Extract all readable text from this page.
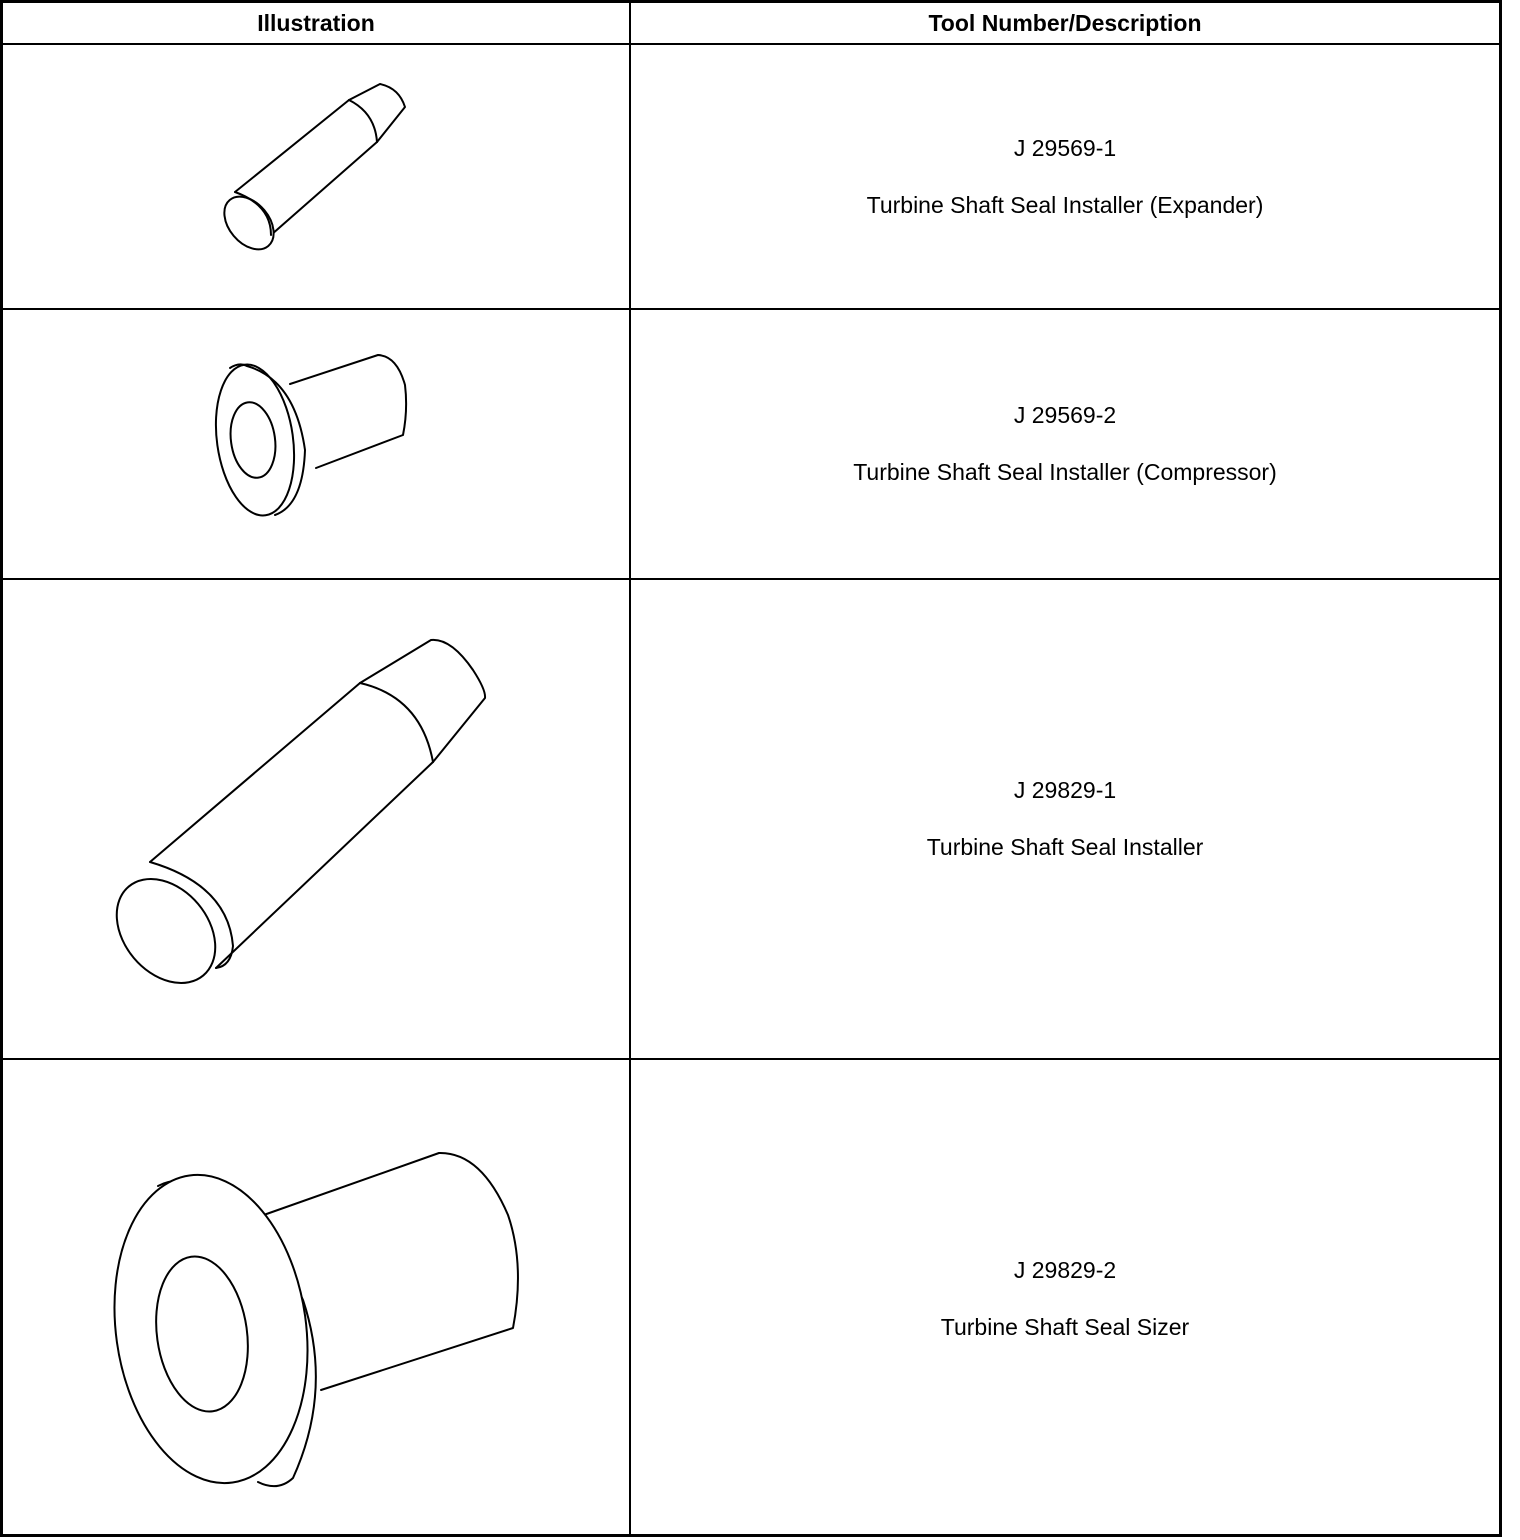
Illustration	Tool Number/Description
J 29569-1
Turbine Shaft Seal Installer (Expander)
J 29569-2
Turbine Shaft Seal Installer (Compressor)
J 29829-1
Turbine Shaft Seal Installer
J 29829-2
Turbine Shaft Seal Sizer
